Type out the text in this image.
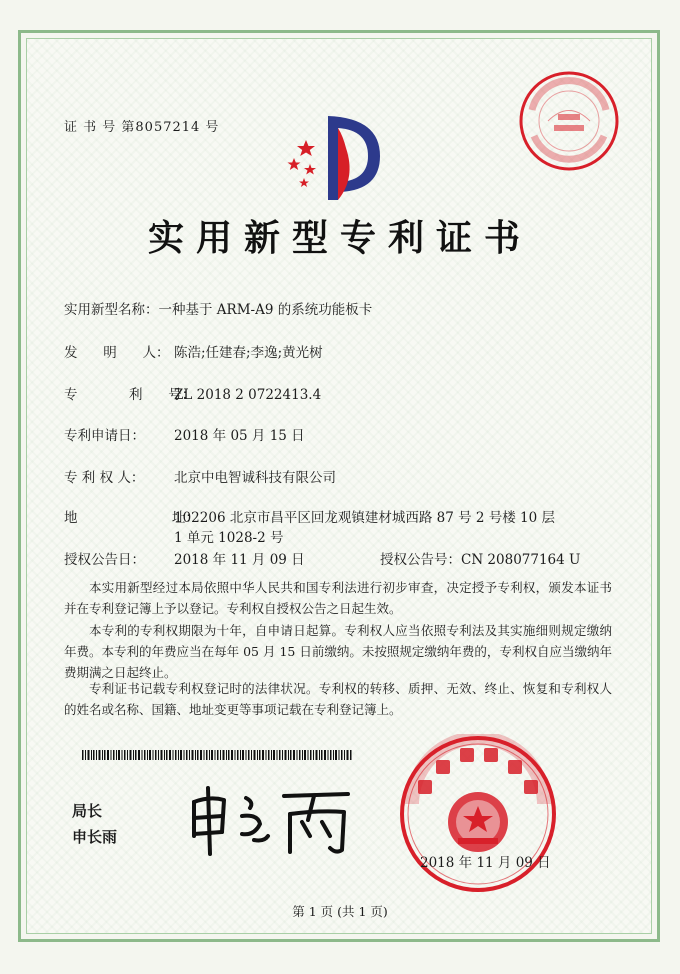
证 书 号 第8057214 号
实用新型专利证书
实用新型名称：一种基于 ARM-A9 的系统功能板卡
发      明      人： 陈浩;任建春;李逸;黄光树
专            利      号：ZL 2018 2 0722413.4
专利申请日： 2018 年 05 月 15 日
专 利 权 人： 北京中电智诚科技有限公司
地                      址：102206 北京市昌平区回龙观镇建材城西路 87 号 2 号楼 10 层
1 单元 1028-2 号
授权公告日： 2018 年 11 月 09 日	授权公告号：CN 208077164 U
本实用新型经过本局依照中华人民共和国专利法进行初步审查，决定授予专利权，颁发本证书并在专利登记簿上予以登记。专利权自授权公告之日起生效。
本专利的专利权期限为十年，自申请日起算。专利权人应当依照专利法及其实施细则规定缴纳年费。本专利的年费应当在每年 05 月 15 日前缴纳。未按照规定缴纳年费的，专利权自应当缴纳年费期满之日起终止。
专利证书记载专利权登记时的法律状况。专利权的转移、质押、无效、终止、恢复和专利权人的姓名或名称、国籍、地址变更等事项记载在专利登记簿上。
局长
申长雨
2018 年 11 月 09 日
第 1 页 (共 1 页)
